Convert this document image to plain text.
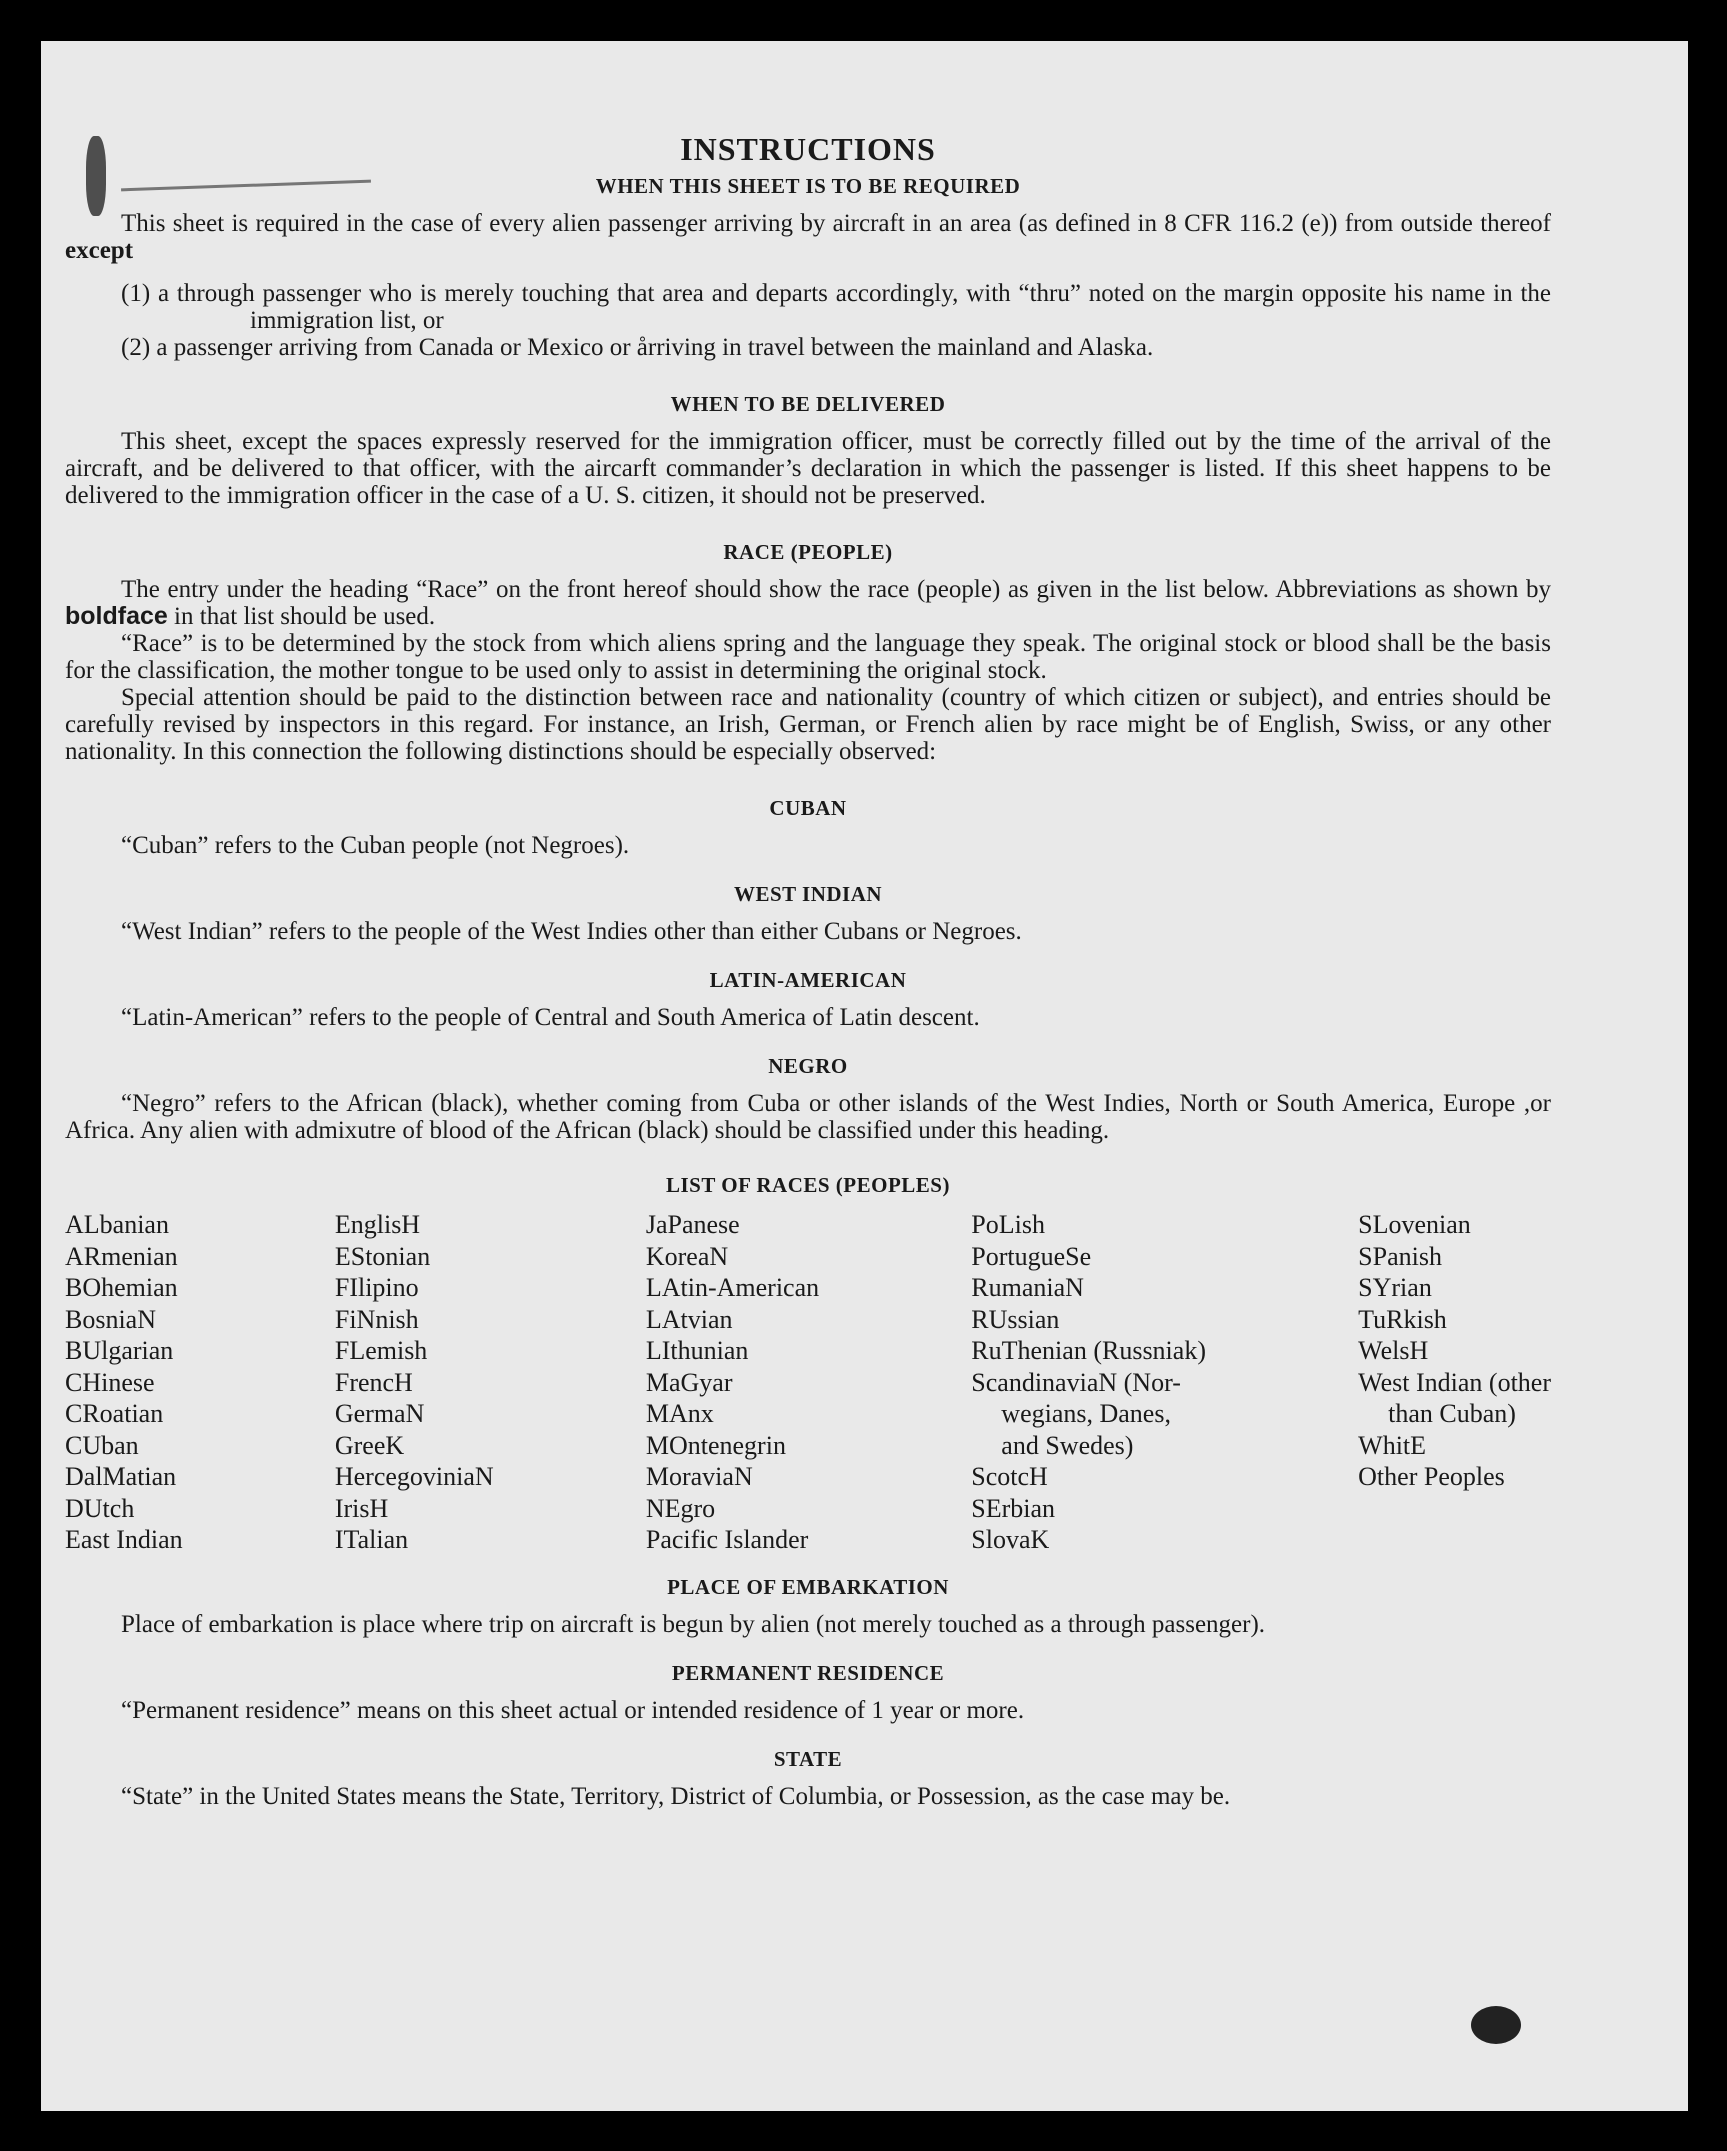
INSTRUCTIONS
WHEN THIS SHEET IS TO BE REQUIRED

This sheet is required in the case of every alien passenger arriving by aircraft in an area (as defined in 8 CFR 116.2 (e)) from outside thereof except

(1) a through passenger who is merely touching that area and departs accordingly, with “thru” noted on the margin opposite his name in the immigration list, or

(2) a passenger arriving from Canada or Mexico or årriving in travel between the mainland and Alaska.

WHEN TO BE DELIVERED

This sheet, except the spaces expressly reserved for the immigration officer, must be correctly filled out by the time of the arrival of the aircraft, and be delivered to that officer, with the aircarft commander’s declaration in which the passenger is listed. If this sheet happens to be delivered to the immigration officer in the case of a U. S. citizen, it should not be preserved.

RACE (PEOPLE)

The entry under the heading “Race” on the front hereof should show the race (people) as given in the list below. Abbreviations as shown by boldface in that list should be used.

“Race” is to be determined by the stock from which aliens spring and the language they speak. The original stock or blood shall be the basis for the classification, the mother tongue to be used only to assist in determining the original stock.

Special attention should be paid to the distinction between race and nationality (country of which citizen or subject), and entries should be carefully revised by inspectors in this regard. For instance, an Irish, German, or French alien by race might be of English, Swiss, or any other nationality. In this connection the following distinctions should be especially observed:

CUBAN

“Cuban” refers to the Cuban people (not Negroes).

WEST INDIAN

“West Indian” refers to the people of the West Indies other than either Cubans or Negroes.

LATIN-AMERICAN

“Latin-American” refers to the people of Central and South America of Latin descent.

NEGRO

“Negro” refers to the African (black), whether coming from Cuba or other islands of the West Indies, North or South America, Europe ,or Africa. Any alien with admixutre of blood of the African (black) should be classified under this heading.

LIST OF RACES (PEOPLES)
ALbanian
ARmenian
BOhemian
BosniaN
BUlgarian
CHinese
CRoatian
CUban
DalMatian
DUtch
East Indian
EnglisH
EStonian
FIlipino
FiNnish
FLemish
FrencH
GermaN
GreeK
HercegoviniaN
IrisH
ITalian
JaPanese
KoreaN
LAtin-American
LAtvian
LIthunian
MaGyar
MAnx
MOntenegrin
MoraviaN
NEgro
Pacific Islander
PoLish
PortugueSe
RumaniaN
RUssian
RuThenian (Russniak)
ScandinaviaN (Nor-
wegians, Danes,
and Swedes)
ScotcH
SErbian
SlovaK
SLovenian
SPanish
SYrian
TuRkish
WelsH
West Indian (other
than Cuban)
WhitE
Other Peoples
PLACE OF EMBARKATION

Place of embarkation is place where trip on aircraft is begun by alien (not merely touched as a through passenger).

PERMANENT RESIDENCE

“Permanent residence” means on this sheet actual or intended residence of 1 year or more.

STATE

“State” in the United States means the State, Territory, District of Columbia, or Possession, as the case may be.
